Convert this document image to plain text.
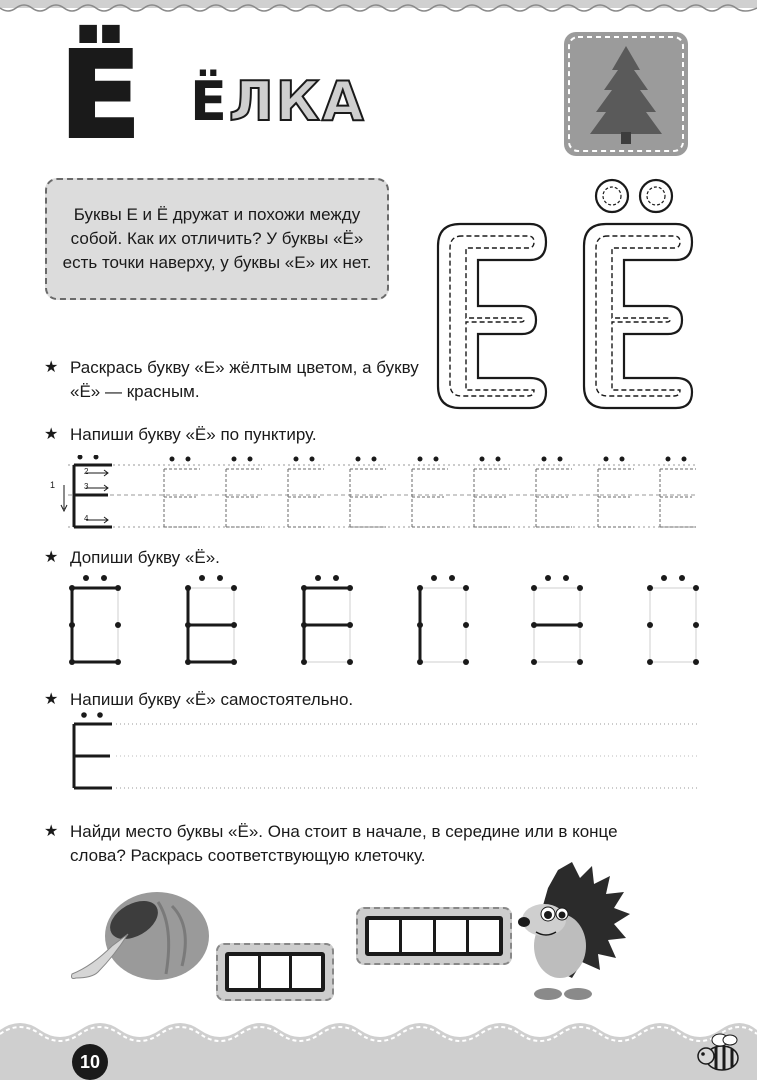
Ё Ё ЛКА

Буквы Е и Ё дружат и похожи между собой. Как их отличить? У буквы «Ё» есть точки наверху, у буквы «Е» их нет.

★ Раскрась букву «Е» жёлтым цветом, а букву «Ё» — красным.
★ Напиши букву «Ё» по пунктиру.
1
2
3
4
★ Допиши букву «Ё».
★ Напиши букву «Ё» самостоятельно.
★ Найди место буквы «Ё». Она стоит в начале, в середине или в конце слова? Раскрась соответствующую клеточку.
10
